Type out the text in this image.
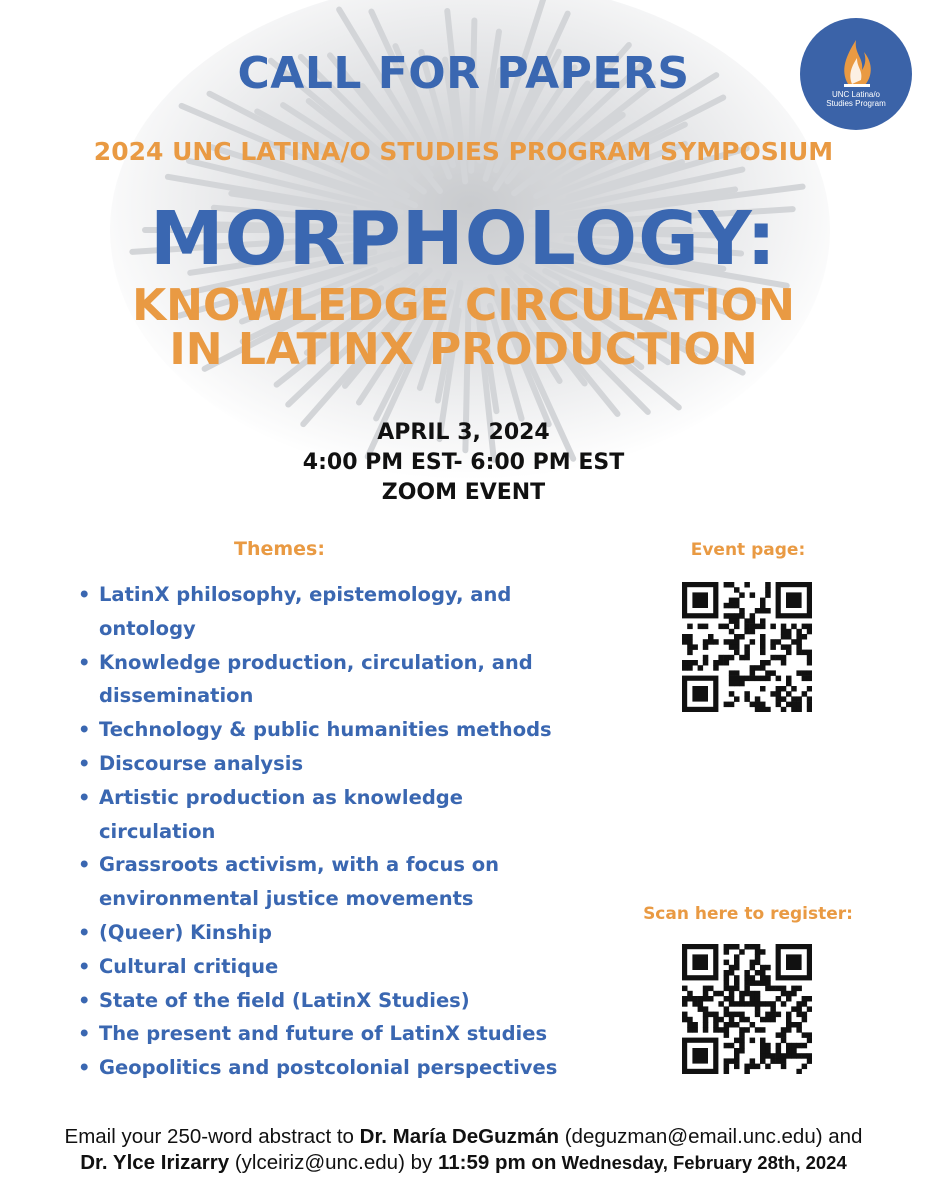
UNC Latina/o
Studies Program
CALL FOR PAPERS
2024 UNC LATINA/O STUDIES PROGRAM SYMPOSIUM
MORPHOLOGY:
KNOWLEDGE CIRCULATION
IN LATINX PRODUCTION
APRIL 3, 2024
4:00 PM EST- 6:00 PM EST
ZOOM EVENT
Themes:
• LatinX philosophy, epistemology, and
ontology
• Knowledge production, circulation, and
dissemination
• Technology & public humanities methods
• Discourse analysis
• Artistic production as knowledge
circulation
• Grassroots activism, with a focus on
environmental justice movements
• (Queer) Kinship
• Cultural critique
• State of the field (LatinX Studies)
• The present and future of LatinX studies
• Geopolitics and postcolonial perspectives
Event page:
Scan here to register:
Email your 250-word abstract to Dr. María DeGuzmán (deguzman@email.unc.edu) and
Dr. Ylce Irizarry (ylceiriz@unc.edu) by 11:59 pm on Wednesday, February 28th, 2024
